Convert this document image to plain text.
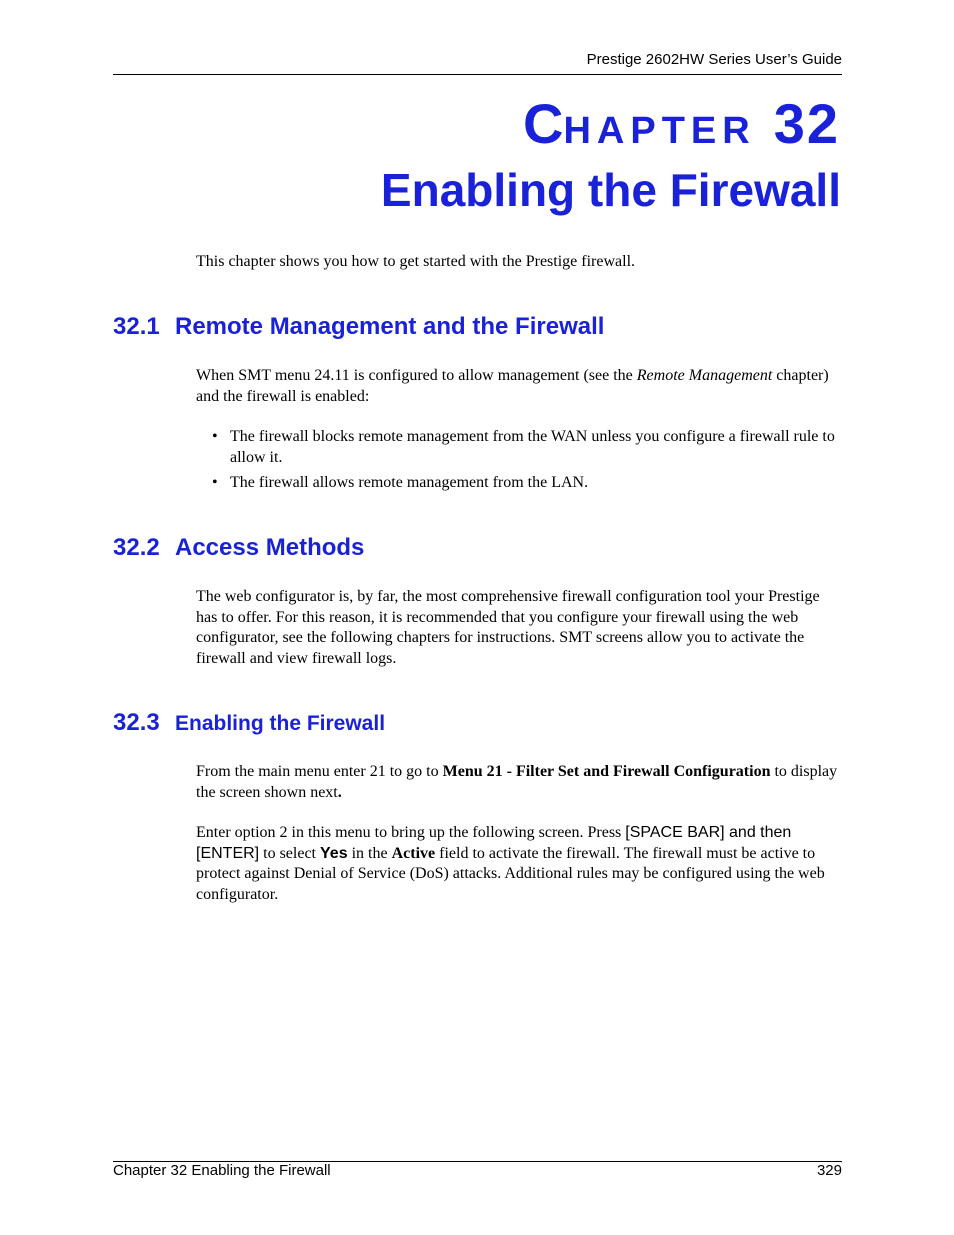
Prestige 2602HW Series User’s Guide
CHAPTER 32
Enabling the Firewall
This chapter shows you how to get started with the Prestige firewall.
32.1 Remote Management and the Firewall
When SMT menu 24.11 is configured to allow management (see the Remote Management chapter) and the firewall is enabled:
• The firewall blocks remote management from the WAN unless you configure a firewall rule to allow it.
• The firewall allows remote management from the LAN.
32.2 Access Methods
The web configurator is, by far, the most comprehensive firewall configuration tool your Prestige has to offer. For this reason, it is recommended that you configure your firewall using the web configurator, see the following chapters for instructions. SMT screens allow you to activate the firewall and view firewall logs.
32.3 Enabling the Firewall
From the main menu enter 21 to go to Menu 21 - Filter Set and Firewall Configuration to display the screen shown next.
Enter option 2 in this menu to bring up the following screen. Press [SPACE BAR] and then [ENTER] to select Yes in the Active field to activate the firewall. The firewall must be active to protect against Denial of Service (DoS) attacks. Additional rules may be configured using the web configurator.
Chapter 32 Enabling the Firewall	329
